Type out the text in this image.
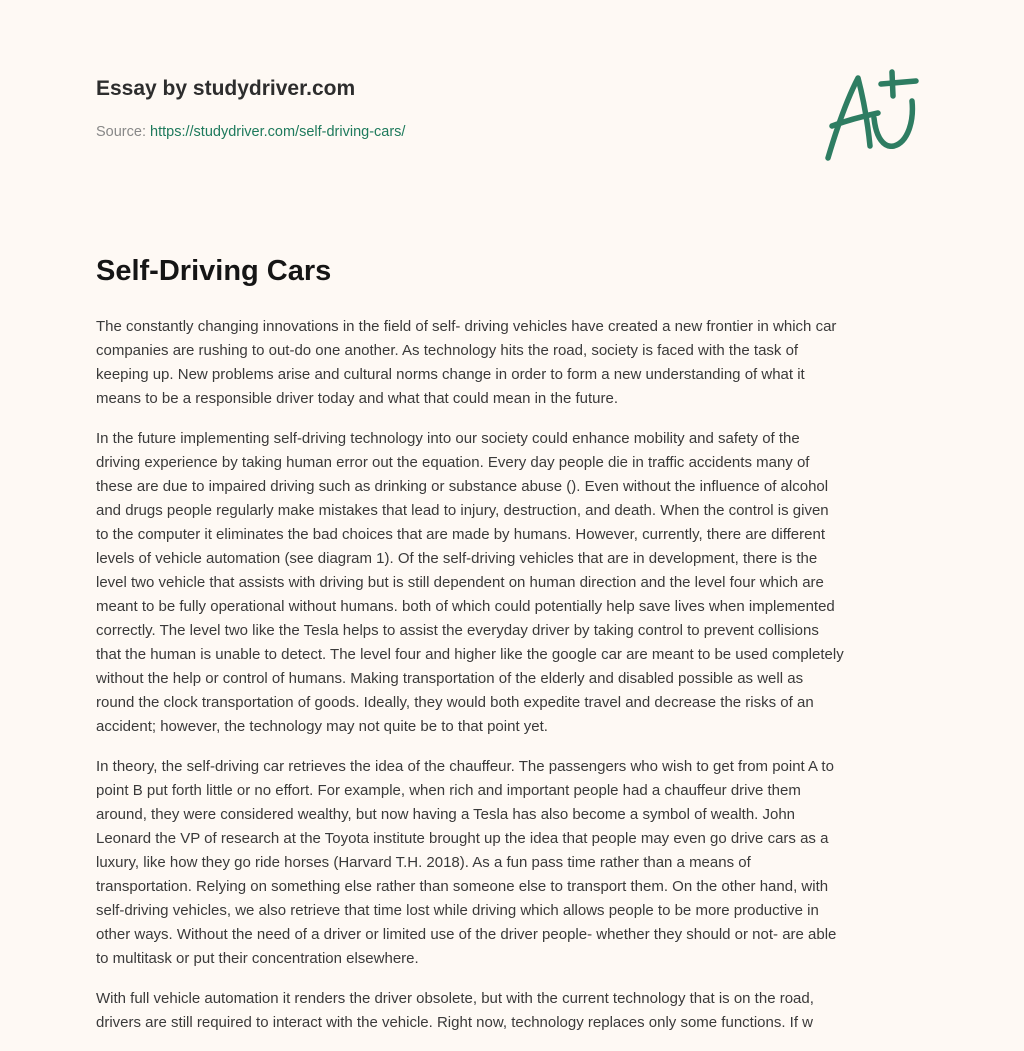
Essay by studydriver.com
Source: https://studydriver.com/self-driving-cars/
Self-Driving Cars

The constantly changing innovations in the field of self- driving vehicles have created a new frontier in which car
companies are rushing to out-do one another. As technology hits the road, society is faced with the task of
keeping up. New problems arise and cultural norms change in order to form a new understanding of what it
means to be a responsible driver today and what that could mean in the future.

In the future implementing self-driving technology into our society could enhance mobility and safety of the
driving experience by taking human error out the equation. Every day people die in traffic accidents many of
these are due to impaired driving such as drinking or substance abuse (). Even without the influence of alcohol
and drugs people regularly make mistakes that lead to injury, destruction, and death. When the control is given
to the computer it eliminates the bad choices that are made by humans. However, currently, there are different
levels of vehicle automation (see diagram 1). Of the self-driving vehicles that are in development, there is the
level two vehicle that assists with driving but is still dependent on human direction and the level four which are
meant to be fully operational without humans. both of which could potentially help save lives when implemented
correctly. The level two like the Tesla helps to assist the everyday driver by taking control to prevent collisions
that the human is unable to detect. The level four and higher like the google car are meant to be used completely
without the help or control of humans. Making transportation of the elderly and disabled possible as well as
round the clock transportation of goods. Ideally, they would both expedite travel and decrease the risks of an
accident; however, the technology may not quite be to that point yet.

In theory, the self-driving car retrieves the idea of the chauffeur. The passengers who wish to get from point A to
point B put forth little or no effort. For example, when rich and important people had a chauffeur drive them
around, they were considered wealthy, but now having a Tesla has also become a symbol of wealth. John
Leonard the VP of research at the Toyota institute brought up the idea that people may even go drive cars as a
luxury, like how they go ride horses (Harvard T.H. 2018). As a fun pass time rather than a means of
transportation. Relying on something else rather than someone else to transport them. On the other hand, with
self-driving vehicles, we also retrieve that time lost while driving which allows people to be more productive in
other ways. Without the need of a driver or limited use of the driver people- whether they should or not- are able
to multitask or put their concentration elsewhere.

With full vehicle automation it renders the driver obsolete, but with the current technology that is on the road,
drivers are still required to interact with the vehicle. Right now, technology replaces only some functions. If w
